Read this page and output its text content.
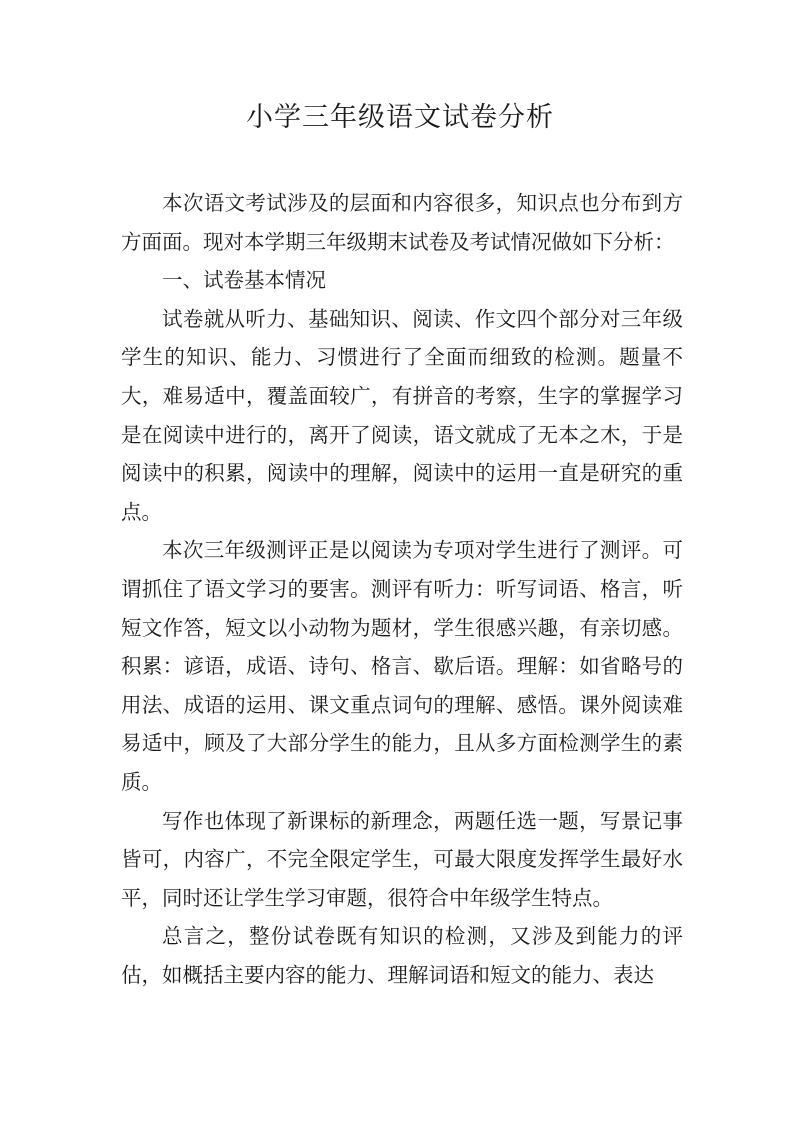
小学三年级语文试卷分析

本次语文考试涉及的层面和内容很多，知识点也分布到方方面面。现对本学期三年级期末试卷及考试情况做如下分析：

一、试卷基本情况

试卷就从听力、基础知识、阅读、作文四个部分对三年级学生的知识、能力、习惯进行了全面而细致的检测。题量不大，难易适中，覆盖面较广，有拼音的考察，生字的掌握学习是在阅读中进行的，离开了阅读，语文就成了无本之木，于是阅读中的积累，阅读中的理解，阅读中的运用一直是研究的重点。

本次三年级测评正是以阅读为专项对学生进行了测评。可谓抓住了语文学习的要害。测评有听力：听写词语、格言，听短文作答，短文以小动物为题材，学生很感兴趣，有亲切感。积累：谚语，成语、诗句、格言、歇后语。理解：如省略号的用法、成语的运用、课文重点词句的理解、感悟。课外阅读难易适中，顾及了大部分学生的能力，且从多方面检测学生的素质。

写作也体现了新课标的新理念，两题任选一题，写景记事皆可，内容广，不完全限定学生，可最大限度发挥学生最好水平，同时还让学生学习审题，很符合中年级学生特点。

总言之，整份试卷既有知识的检测，又涉及到能力的评估，如概括主要内容的能力、理解词语和短文的能力、表达
